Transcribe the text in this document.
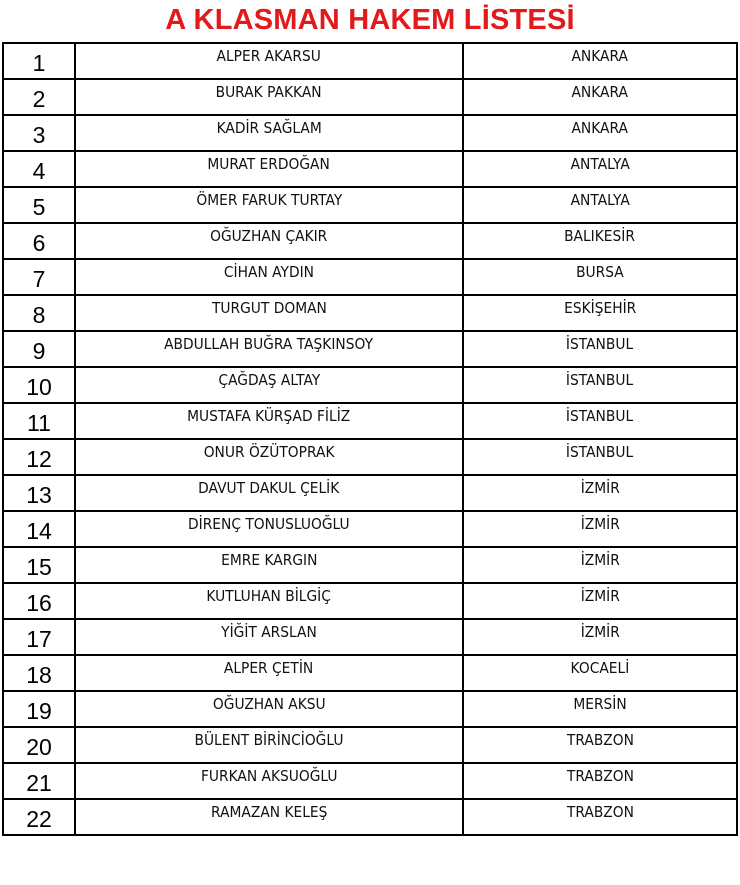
A KLASMAN HAKEM LİSTESİ
1	ALPER AKARSU	ANKARA
2	BURAK PAKKAN	ANKARA
3	KADİR SAĞLAM	ANKARA
4	MURAT ERDOĞAN	ANTALYA
5	ÖMER FARUK TURTAY	ANTALYA
6	OĞUZHAN ÇAKIR	BALIKESİR
7	CİHAN AYDIN	BURSA
8	TURGUT DOMAN	ESKİŞEHİR
9	ABDULLAH BUĞRA TAŞKINSOY	İSTANBUL
10	ÇAĞDAŞ ALTAY	İSTANBUL
11	MUSTAFA KÜRŞAD FİLİZ	İSTANBUL
12	ONUR ÖZÜTOPRAK	İSTANBUL
13	DAVUT DAKUL ÇELİK	İZMİR
14	DİRENÇ TONUSLUOĞLU	İZMİR
15	EMRE KARGIN	İZMİR
16	KUTLUHAN BİLGİÇ	İZMİR
17	YİĞİT ARSLAN	İZMİR
18	ALPER ÇETİN	KOCAELİ
19	OĞUZHAN AKSU	MERSİN
20	BÜLENT BİRİNCİOĞLU	TRABZON
21	FURKAN AKSUOĞLU	TRABZON
22	RAMAZAN KELEŞ	TRABZON
